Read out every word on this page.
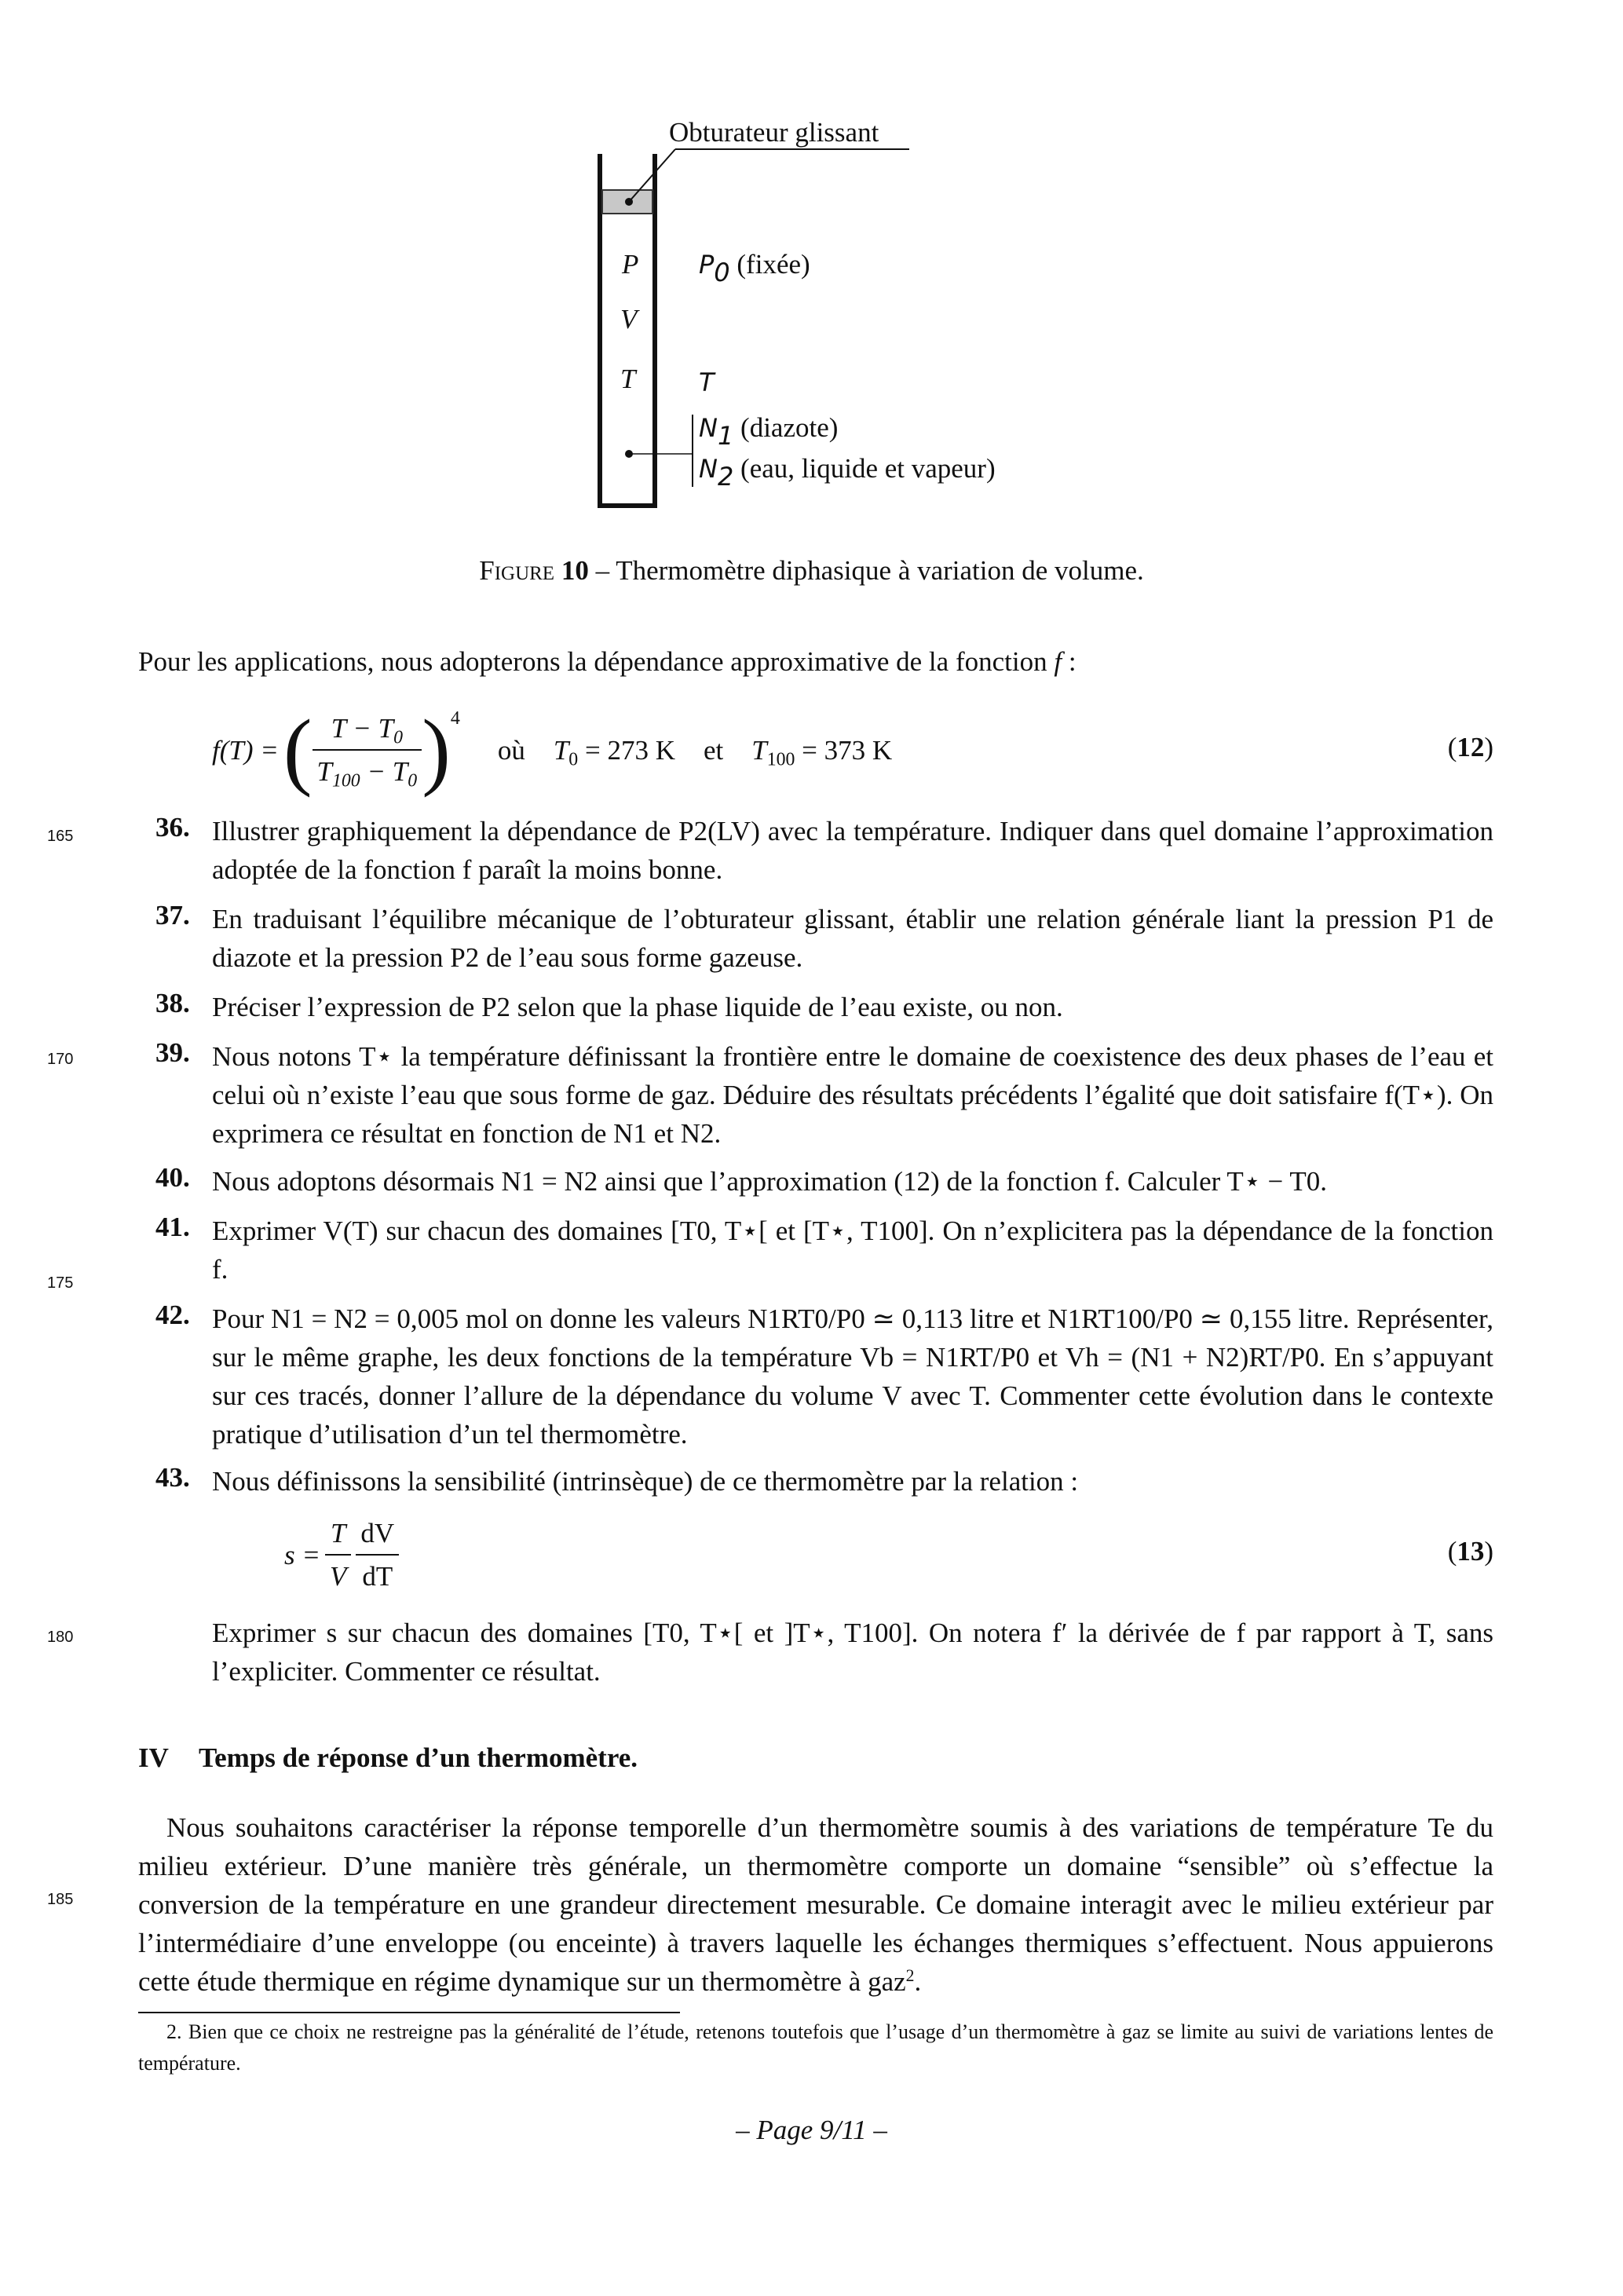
Obturateur glissant
P
V
T
$P_0$ (fixée)
T
$N_1$ (diazote)
$N_2$ (eau, liquide et vapeur)
Figure 10 – Thermomètre diphasique à variation de volume.
Pour les applications, nous adopterons la dépendance approximative de la fonction f :
f(T) = ( $\frac{T - T_0}{T_{100} - T_0}$ ) 4
où $T_0 = 273$ K et $T_{100} = 373$ K	(12)
165
170
175
180
185
36. Illustrer graphiquement la dépendance de P2(LV) avec la température. Indiquer dans quel domaine l’approximation adoptée de la fonction f paraît la moins bonne.
37. En traduisant l’équilibre mécanique de l’obturateur glissant, établir une relation générale liant la pression P1 de diazote et la pression P2 de l’eau sous forme gazeuse.
38. Préciser l’expression de P2 selon que la phase liquide de l’eau existe, ou non.
39. Nous notons T⋆ la température définissant la frontière entre le domaine de coexistence des deux phases de l’eau et celui où n’existe l’eau que sous forme de gaz. Déduire des résultats précédents l’égalité que doit satisfaire f(T⋆). On exprimera ce résultat en fonction de N1 et N2.
40. Nous adoptons désormais N1 = N2 ainsi que l’approximation (12) de la fonction f. Calculer T⋆ − T0.
41. Exprimer V(T) sur chacun des domaines [T0, T⋆[ et [T⋆, T100]. On n’explicitera pas la dépendance de la fonction f.
42. Pour N1 = N2 = 0,005 mol on donne les valeurs N1RT0/P0 ≃ 0,113 litre et N1RT100/P0 ≃ 0,155 litre. Représenter, sur le même graphe, les deux fonctions de la température Vb = N1RT/P0 et Vh = (N1 + N2)RT/P0. En s’appuyant sur ces tracés, donner l’allure de la dépendance du volume V avec T. Commenter cette évolution dans le contexte pratique d’utilisation d’un tel thermomètre.
43. Nous définissons la sensibilité (intrinsèque) de ce thermomètre par la relation :
$s = \frac{T}{V} \frac{dV}{dT}$	(13)
Exprimer s sur chacun des domaines [T0, T⋆[ et ]T⋆, T100]. On notera f′ la dérivée de f par rapport à T, sans l’expliciter. Commenter ce résultat.
IV Temps de réponse d’un thermomètre.
Nous souhaitons caractériser la réponse temporelle d’un thermomètre soumis à des variations de température Te du milieu extérieur. D’une manière très générale, un thermomètre comporte un domaine “sensible” où s’effectue la conversion de la température en une grandeur directement mesurable. Ce domaine interagit avec le milieu extérieur par l’intermédiaire d’une enveloppe (ou enceinte) à travers laquelle les échanges thermiques s’effectuent. Nous appuierons cette étude thermique en régime dynamique sur un thermomètre à gaz$^2$.
2. Bien que ce choix ne restreigne pas la généralité de l’étude, retenons toutefois que l’usage d’un thermomètre à gaz se limite au suivi de variations lentes de température.
– Page 9/11 –
